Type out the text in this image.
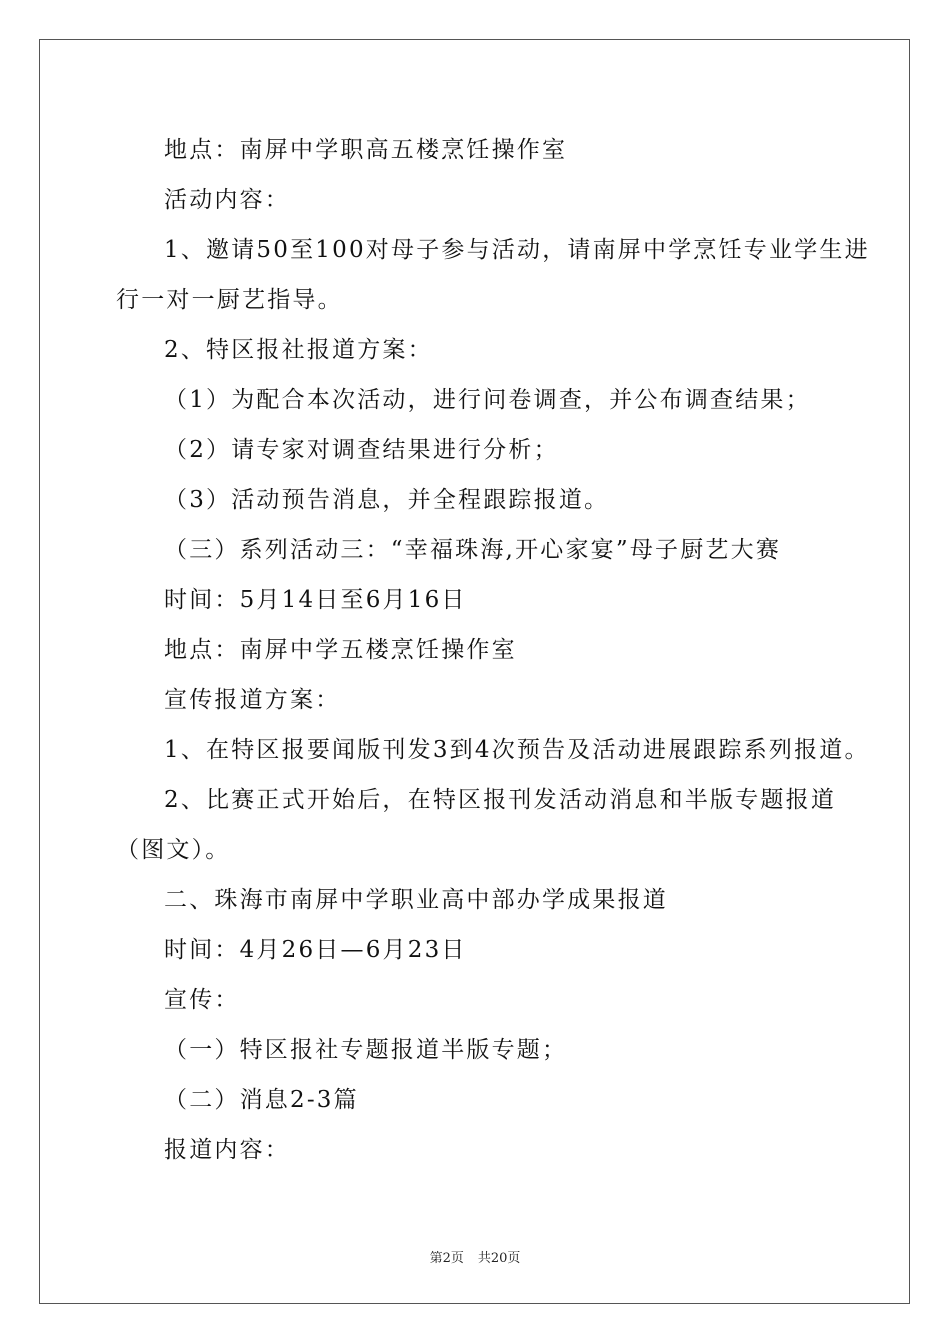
地点：南屏中学职高五楼烹饪操作室
活动内容：
1、邀请50至100对母子参与活动，请南屏中学烹饪专业学生进
行一对一厨艺指导。
2、特区报社报道方案：
（1）为配合本次活动，进行问卷调查，并公布调查结果；
（2）请专家对调查结果进行分析；
（3）活动预告消息，并全程跟踪报道。
（三）系列活动三：“幸福珠海,开心家宴”母子厨艺大赛
时间：5月14日至6月16日
地点：南屏中学五楼烹饪操作室
宣传报道方案：
1、在特区报要闻版刊发3到4次预告及活动进展跟踪系列报道。
2、比赛正式开始后，在特区报刊发活动消息和半版专题报道
（图文）。
二、珠海市南屏中学职业高中部办学成果报道
时间：4月26日—6月23日
宣传：
（一）特区报社专题报道半版专题；
（二）消息2-3篇
报道内容：
第2页 共20页
